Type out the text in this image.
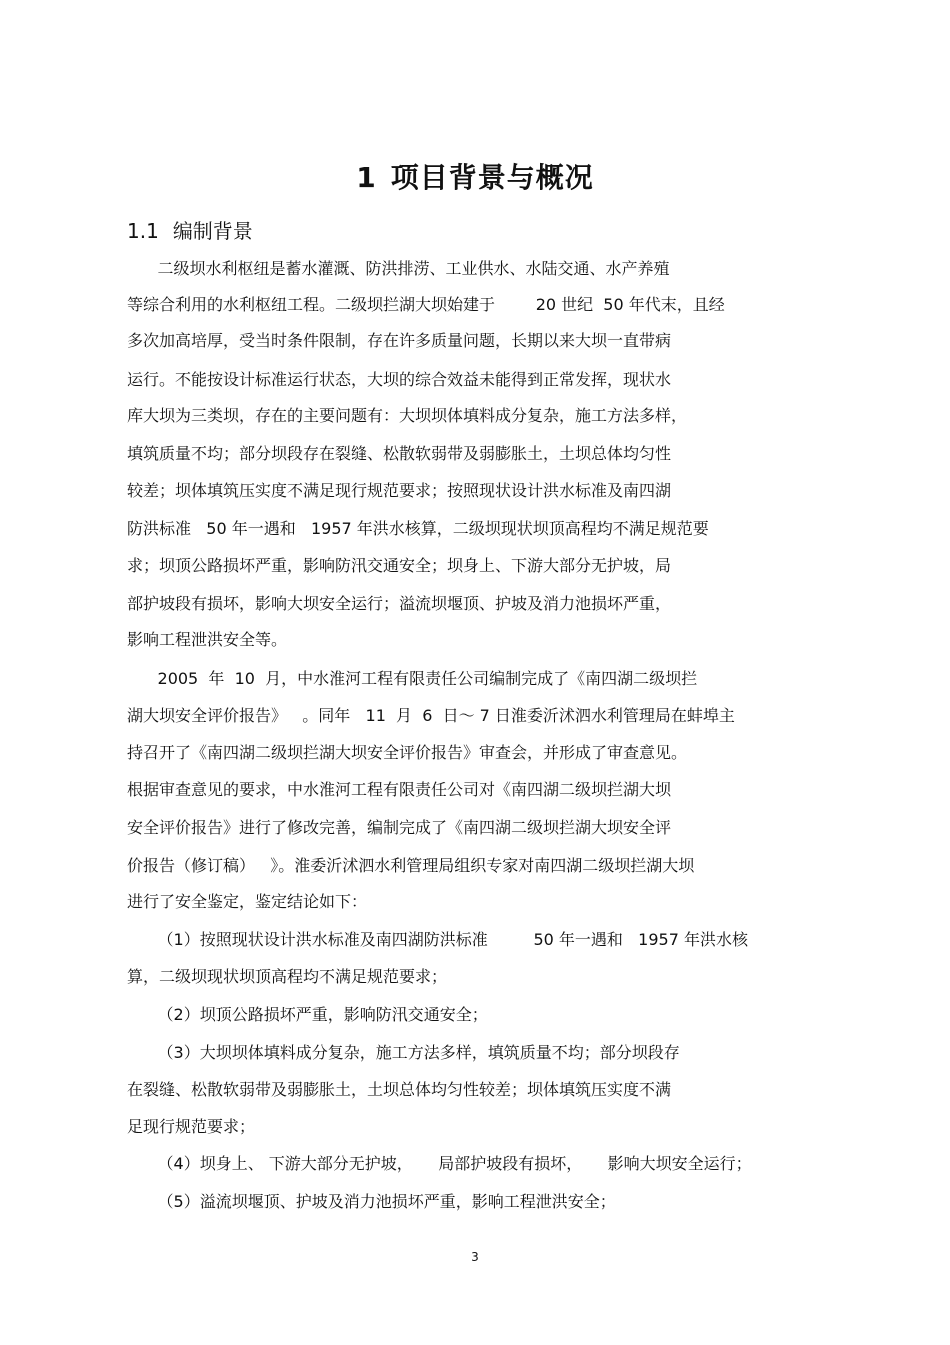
1 项目背景与概况
1.1 编制背景
二级坝水利枢纽是蓄水灌溉、防洪排涝、工业供水、水陆交通、水产养殖
等综合利用的水利枢纽工程。二级坝拦湖大坝始建于        20 世纪  50 年代末，且经
多次加高培厚，受当时条件限制，存在许多质量问题，长期以来大坝一直带病
运行。不能按设计标准运行状态，大坝的综合效益未能得到正常发挥，现状水
库大坝为三类坝，存在的主要问题有：大坝坝体填料成分复杂，施工方法多样，
填筑质量不均；部分坝段存在裂缝、松散软弱带及弱膨胀土，土坝总体均匀性
较差；坝体填筑压实度不满足现行规范要求；按照现状设计洪水标准及南四湖
防洪标准   50 年一遇和   1957 年洪水核算，二级坝现状坝顶高程均不满足规范要
求；坝顶公路损坏严重，影响防汛交通安全；坝身上、下游大部分无护坡，局
部护坡段有损坏，影响大坝安全运行；溢流坝堰顶、护坡及消力池损坏严重，
影响工程泄洪安全等。
2005  年  10  月，中水淮河工程有限责任公司编制完成了《南四湖二级坝拦
湖大坝安全评价报告》   。同年   11  月  6  日～ 7 日淮委沂沭泗水利管理局在蚌埠主
持召开了《南四湖二级坝拦湖大坝安全评价报告》审查会，并形成了审查意见。
根据审查意见的要求，中水淮河工程有限责任公司对《南四湖二级坝拦湖大坝
安全评价报告》进行了修改完善，编制完成了《南四湖二级坝拦湖大坝安全评
价报告（修订稿）   》。淮委沂沭泗水利管理局组织专家对南四湖二级坝拦湖大坝
进行了安全鉴定，鉴定结论如下：
（1）按照现状设计洪水标准及南四湖防洪标准         50 年一遇和   1957 年洪水核
算，二级坝现状坝顶高程均不满足规范要求；
（2）坝顶公路损坏严重，影响防汛交通安全；
（3）大坝坝体填料成分复杂，施工方法多样，填筑质量不均；部分坝段存
在裂缝、松散软弱带及弱膨胀土，土坝总体均匀性较差；坝体填筑压实度不满
足现行规范要求；
（4）坝身上、 下游大部分无护坡，     局部护坡段有损坏，     影响大坝安全运行；
（5）溢流坝堰顶、护坡及消力池损坏严重，影响工程泄洪安全；
3
